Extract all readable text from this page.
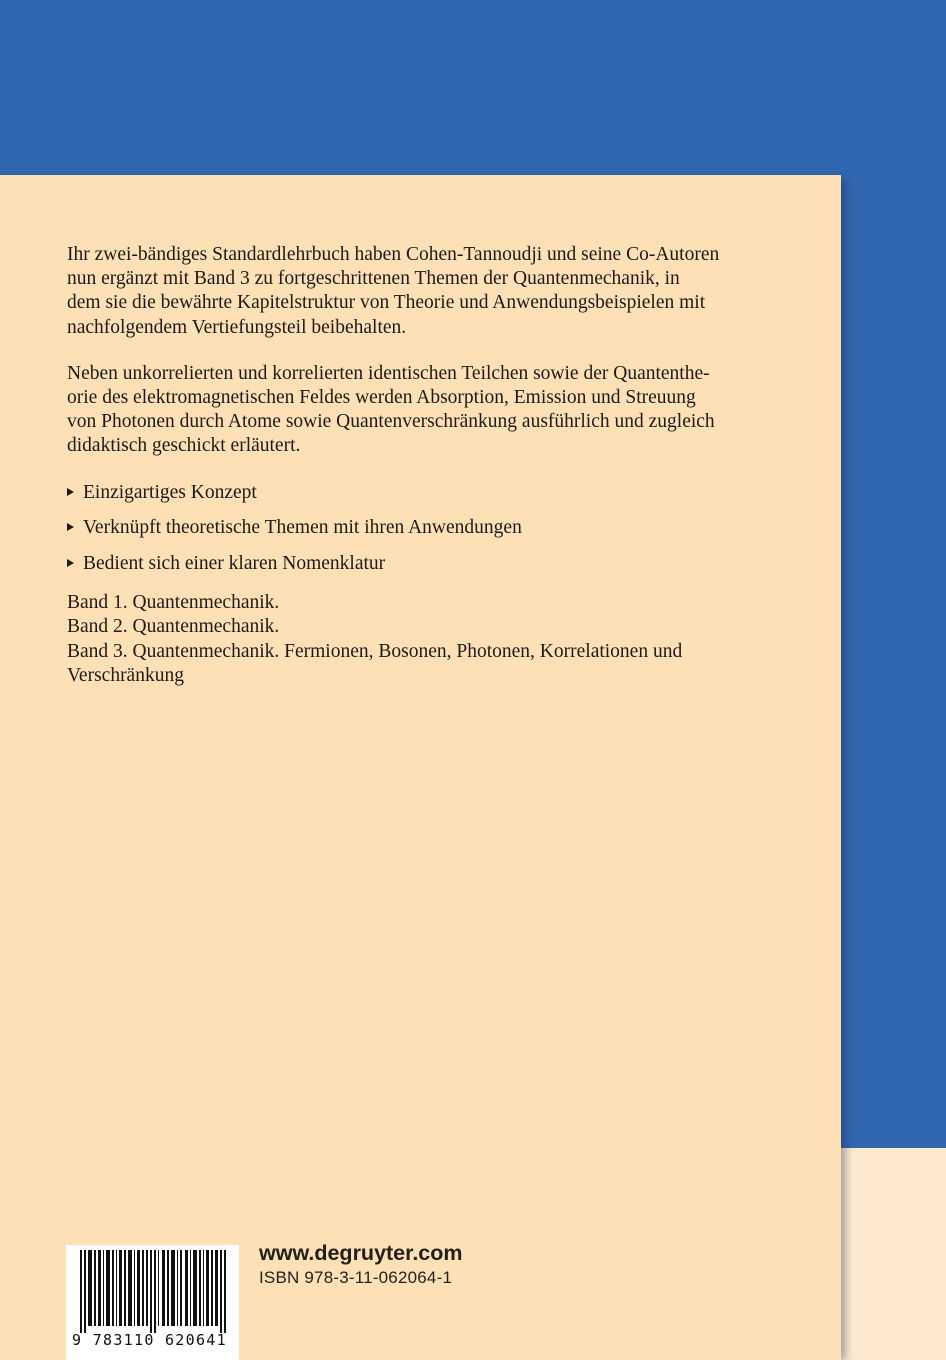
Ihr zwei-bändiges Standardlehrbuch haben Cohen-Tannoudji und seine Co-Autoren
nun ergänzt mit Band 3 zu fortgeschrittenen Themen der Quantenmechanik, in
dem sie die bewährte Kapitelstruktur von Theorie und Anwendungsbeispielen mit
nachfolgendem Vertiefungsteil beibehalten.

Neben unkorrelierten und korrelierten identischen Teilchen sowie der Quantenthe-
orie des elektromagnetischen Feldes werden Absorption, Emission und Streuung
von Photonen durch Atome sowie Quantenverschränkung ausführlich und zugleich
didaktisch geschickt erläutert.

Einzigartiges Konzept
Verknüpft theoretische Themen mit ihren Anwendungen
Bedient sich einer klaren Nomenklatur
Band 1. Quantenmechanik.
Band 2. Quantenmechanik.
Band 3. Quantenmechanik. Fermionen, Bosonen, Photonen, Korrelationen und
Verschränkung
9 783110 620641
www.degruyter.com
ISBN 978-3-11-062064-1
